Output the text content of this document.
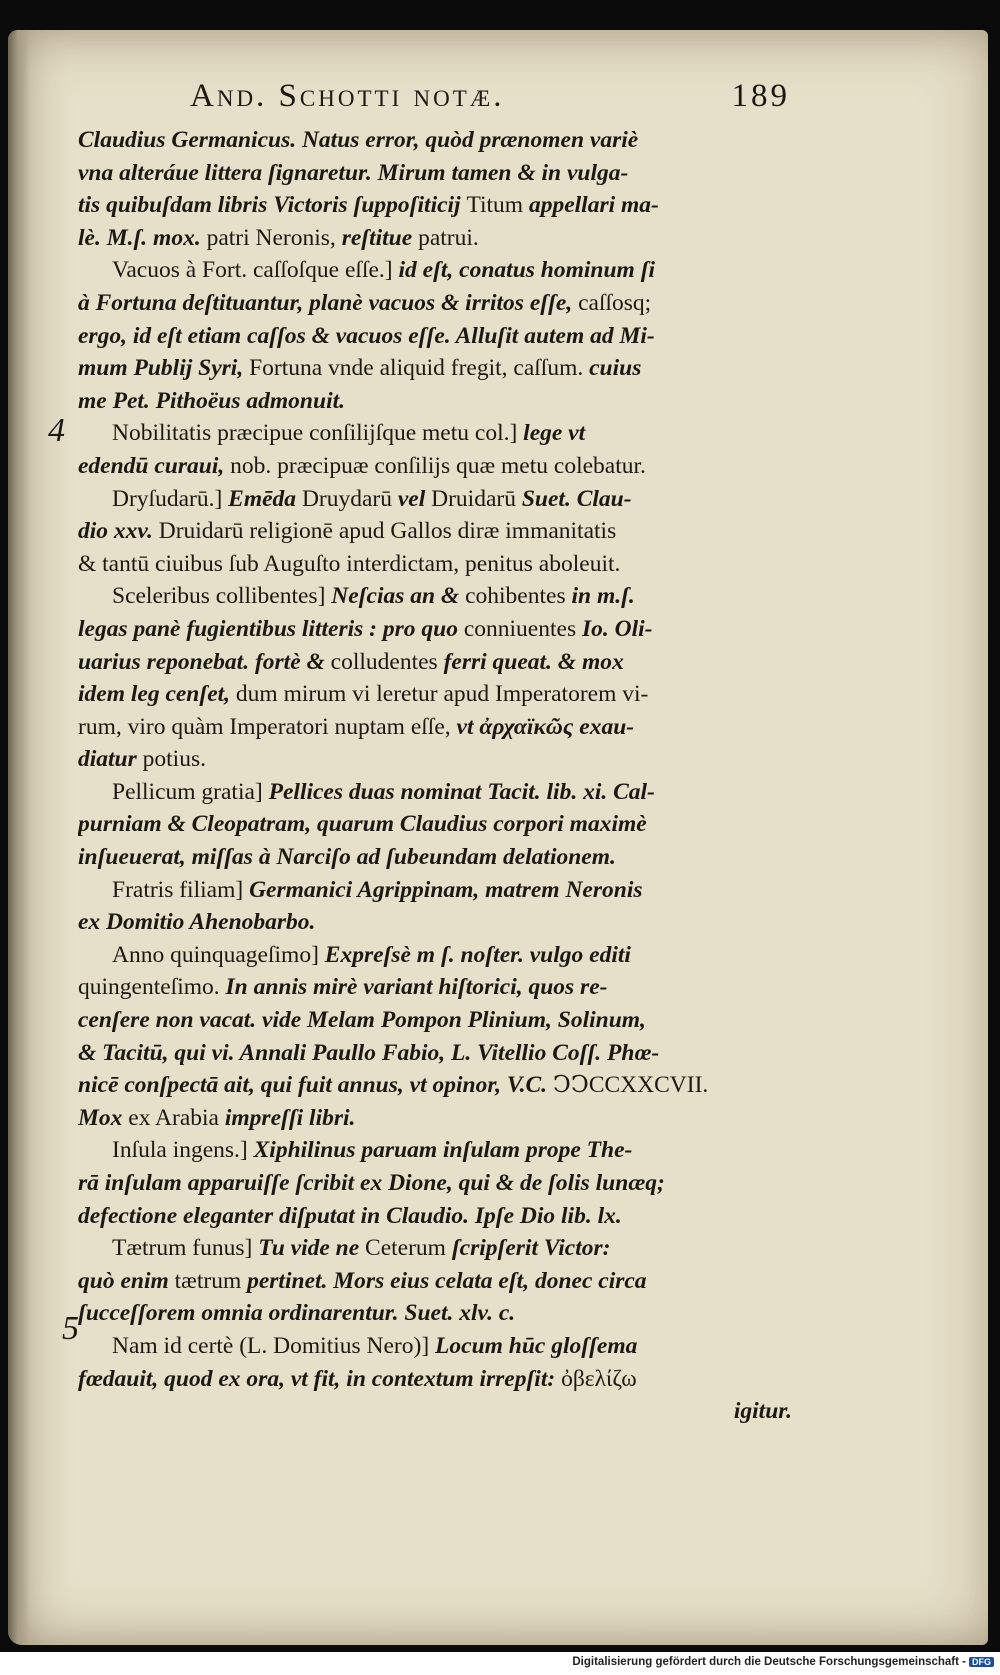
And. Schotti notæ.	189
Claudius Germanicus. Natus error, quòd prænomen variè
vna alteráue littera ſignaretur. Mirum tamen & in vulga-
tis quibuſdam libris Victoris ſuppoſiticij Titum appellari ma-
lè. M.ſ. mox. patri Neronis, reſtitue patrui.
Vacuos à Fort. caſſoſque eſſe.] id eſt, conatus hominum ſi
à Fortuna deſtituantur, planè vacuos & irritos eſſe, caſſosq;
ergo, id eſt etiam caſſos & vacuos eſſe. Alluſit autem ad Mi-
mum Publij Syri, Fortuna vnde aliquid fregit, caſſum. cuius
me Pet. Pithoëus admonuit.
Nobilitatis præcipue conſilijſque metu col.] lege vt
edendū curaui, nob. præcipuæ conſilijs quæ metu colebatur.
Dryſudarū.] Emēda Druydarū vel Druidarū Suet. Clau-
dio xxv. Druidarū religionē apud Gallos diræ immanitatis
& tantū ciuibus ſub Auguſto interdictam, penitus aboleuit.
Sceleribus collibentes] Neſcias an & cohibentes in m.ſ.
legas panè fugientibus litteris : pro quo conniuentes Io. Oli-
uarius reponebat. fortè & colludentes ferri queat. & mox
idem leg cenſet, dum mirum vi leretur apud Imperatorem vi-
rum, viro quàm Imperatori nuptam eſſe, vt ἀρχαϊκῶς exau-
diatur potius.
Pellicum gratia] Pellices duas nominat Tacit. lib. xi. Cal-
purniam & Cleopatram, quarum Claudius corpori maximè
inſueuerat, miſſas à Narciſo ad ſubeundam delationem.
Fratris filiam] Germanici Agrippinam, matrem Neronis
ex Domitio Ahenobarbo.
Anno quinquageſimo] Expreſsè m ſ. noſter. vulgo editi
quingenteſimo. In annis mirè variant hiſtorici, quos re-
cenſere non vacat. vide Melam Pompon Plinium, Solinum,
& Tacitū, qui vi. Annali Paullo Fabio, L. Vitellio Coſſ. Phœ-
nicē conſpectā ait, qui fuit annus, vt opinor, V.C. ↃↃCCXXCVII.
Mox ex Arabia impreſſi libri.
Inſula ingens.] Xiphilinus paruam inſulam prope The-
rā inſulam apparuiſſe ſcribit ex Dione, qui & de ſolis lunæq;
defectione eleganter diſputat in Claudio. Ipſe Dio lib. lx.
Tætrum funus] Tu vide ne Ceterum ſcripſerit Victor:
quò enim tætrum pertinet. Mors eius celata eſt, donec circa
ſucceſſorem omnia ordinarentur. Suet. xlv. c.
Nam id certè (L. Domitius Nero)] Locum hūc gloſſema
fœdauit, quod ex ora, vt fit, in contextum irrepſit: ὀβελίζω
igitur.
4
5
Digitalisierung gefördert durch die Deutsche Forschungsgemeinschaft - DFG
